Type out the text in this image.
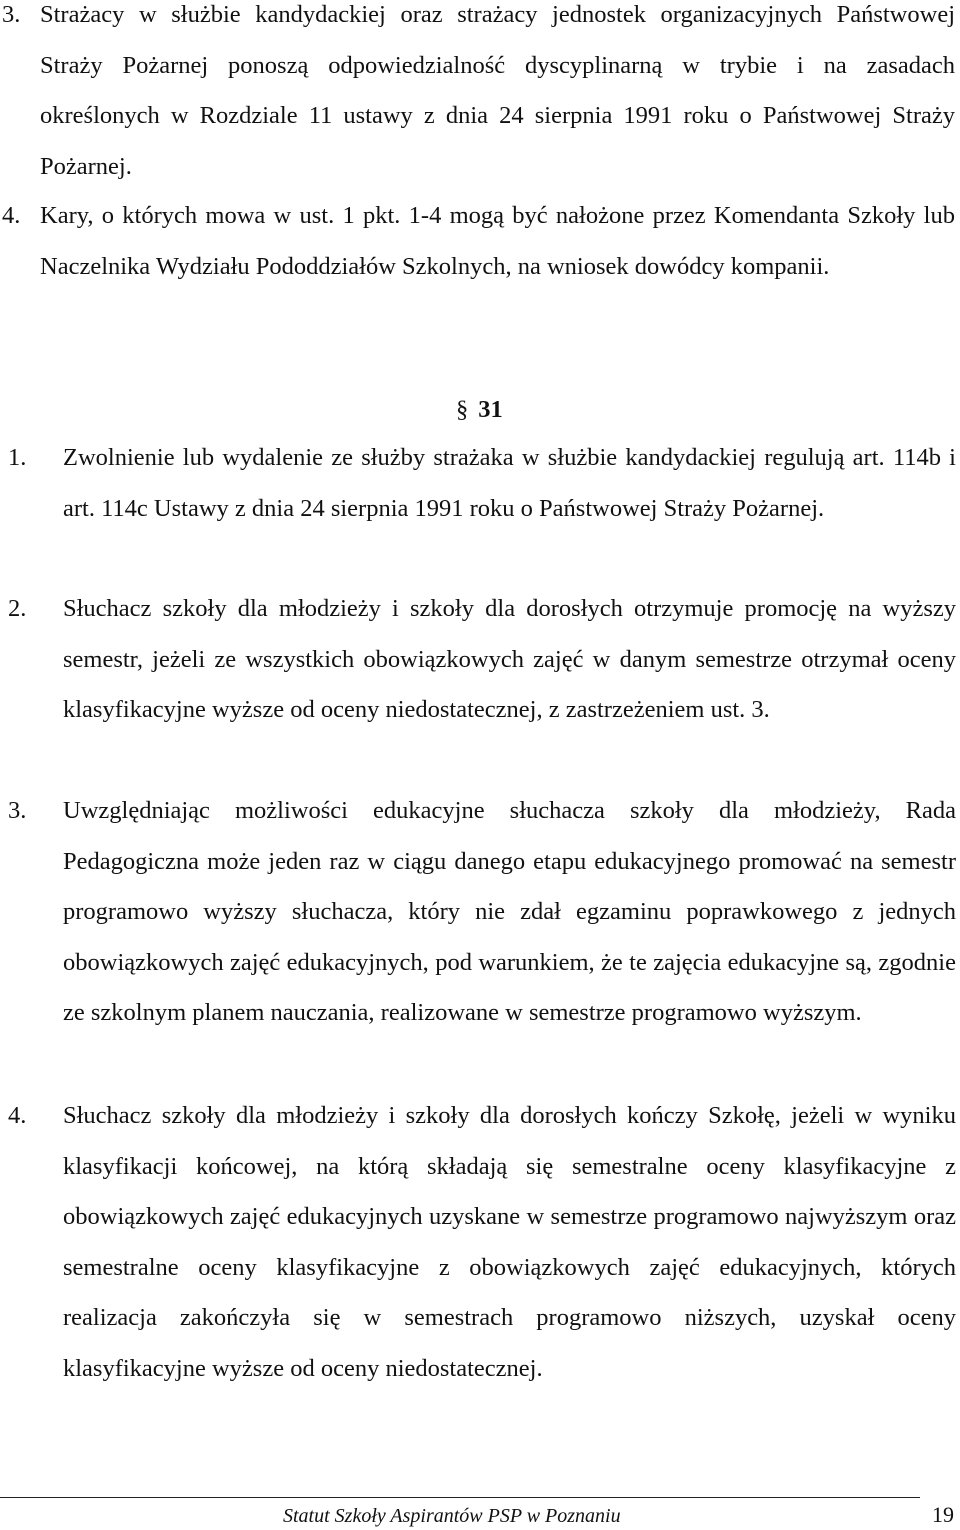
3. Strażacy w służbie kandydackiej oraz strażacy jednostek organizacyjnych Państwowej Straży Pożarnej ponoszą odpowiedzialność dyscyplinarną w trybie i na zasadach określonych w Rozdziale 11 ustawy z dnia 24 sierpnia 1991 roku o Państwowej Straży Pożarnej.
4. Kary, o których mowa w ust. 1 pkt. 1-4 mogą być nałożone przez Komendanta Szkoły lub Naczelnika Wydziału Pododdziałów Szkolnych, na wniosek dowódcy kompanii.
§ 31
1. Zwolnienie lub wydalenie ze służby strażaka w służbie kandydackiej regulują art. 114b i art. 114c Ustawy z dnia 24 sierpnia 1991 roku o Państwowej Straży Pożarnej.
2. Słuchacz szkoły dla młodzieży i szkoły dla dorosłych otrzymuje promocję na wyższy semestr, jeżeli ze wszystkich obowiązkowych zajęć w danym semestrze otrzymał oceny klasyfikacyjne wyższe od oceny niedostatecznej, z zastrzeżeniem ust. 3.
3. Uwzględniając możliwości edukacyjne słuchacza szkoły dla młodzieży, Rada Pedagogiczna może jeden raz w ciągu danego etapu edukacyjnego promować na semestr programowo wyższy słuchacza, który nie zdał egzaminu poprawkowego z jednych obowiązkowych zajęć edukacyjnych, pod warunkiem, że te zajęcia edukacyjne są, zgodnie ze szkolnym planem nauczania, realizowane w semestrze programowo wyższym.
4. Słuchacz szkoły dla młodzieży i szkoły dla dorosłych kończy Szkołę, jeżeli w wyniku klasyfikacji końcowej, na którą składają się semestralne oceny klasyfikacyjne z obowiązkowych zajęć edukacyjnych uzyskane w semestrze programowo najwyższym oraz semestralne oceny klasyfikacyjne z obowiązkowych zajęć edukacyjnych, których realizacja zakończyła się w semestrach programowo niższych, uzyskał oceny klasyfikacyjne wyższe od oceny niedostatecznej.
Statut Szkoły Aspirantów PSP w Poznaniu	19
